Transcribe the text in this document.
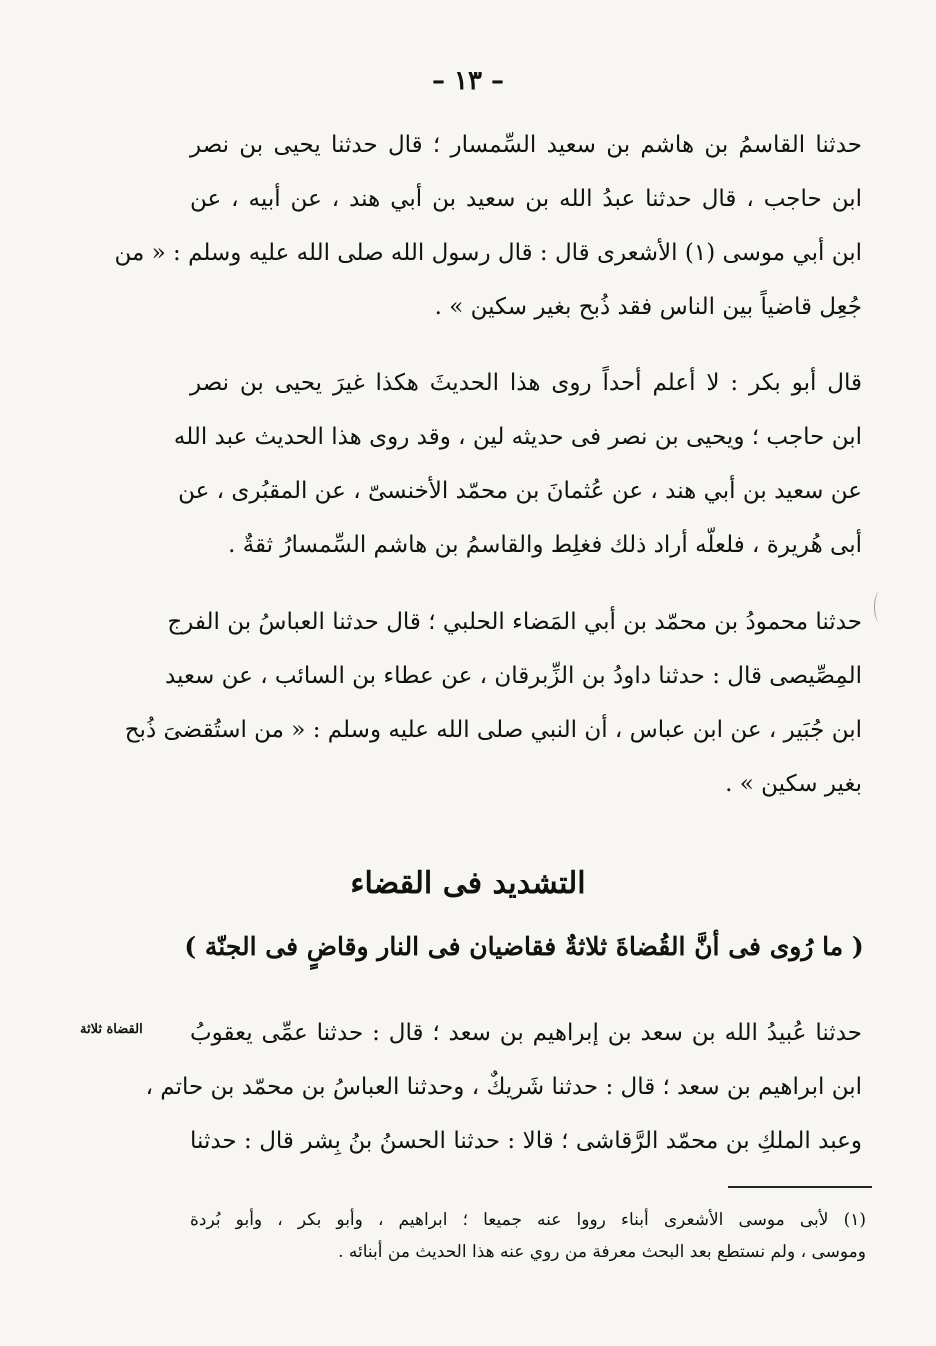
– ١٣ –
حدثنا القاسمُ بن هاشم بن سعيد السِّمسار ؛ قال حدثنا يحيى بن نصر
ابن حاجب ، قال حدثنا عبدُ الله بن سعيد بن أبي هند ، عن أبيه ، عن
ابن أبي موسى (١) الأشعرى قال : قال رسول الله صلى الله عليه وسلم : « من
جُعِل قاضياً بين الناس فقد ذُبح بغير سكين » .
قال أبو بكر : لا أعلم أحداً روى هذا الحديثَ هكذا غيرَ يحيى بن نصر
ابن حاجب ؛ ويحيى بن نصر فى حديثه لين ، وقد روى هذا الحديث عبد الله
عن سعيد بن أبي هند ، عن عُثمانَ بن محمّد الأخنسىّ ، عن المقبُرى ، عن
أبى هُريرة ، فلعلّه أراد ذلك فغلِط والقاسمُ بن هاشم السِّمسارُ ثقةٌ .
حدثنا محمودُ بن محمّد بن أبي المَضاء الحلبي ؛ قال حدثنا العباسُ بن الفرج
المِصِّيصى قال : حدثنا داودُ بن الزِّبرقان ، عن عطاء بن السائب ، عن سعيد
ابن جُبَير ، عن ابن عباس ، أن النبي صلى الله عليه وسلم : « من استُقضىَ ذُبح
بغير سكين » .
التشديد فى القضاء
( ما رُوى فى أنَّ القُضاةَ ثلاثةٌ فقاضيان فى النار وقاضٍ فى الجنّة )
القضاة ثلاثة حدثنا عُبيدُ الله بن سعد بن إبراهيم بن سعد ؛ قال : حدثنا عمِّى يعقوبُ
ابن ابراهيم بن سعد ؛ قال : حدثنا شَريكٌ ، وحدثنا العباسُ بن محمّد بن حاتم ،
وعبد الملكِ بن محمّد الرَّقاشى ؛ قالا : حدثنا الحسنُ بنُ بِشر قال : حدثنا
(١) لأبى موسى الأشعرى أبناء رووا عنه جميعا ؛ ابراهيم ، وأبو بكر ، وأبو بُردة
وموسى ، ولم نستطع بعد البحث معرفة من روي عنه هذا الحديث من أبنائه .
